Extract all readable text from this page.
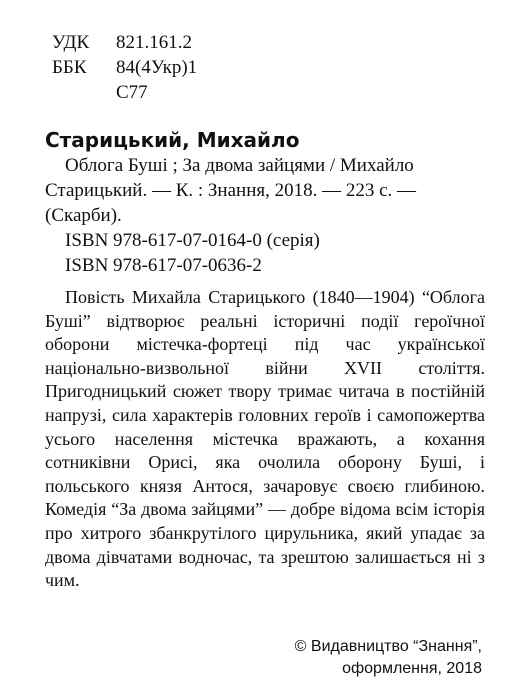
УДК	821.161.2
ББК	84(4Укр)1
С77
Старицький, Михайло

Облога Буші ; За двома зайцями / Михайло Старицький. — К. : Знання, 2018. — 223 с. — (Скарби).

ISBN 978-617-07-0164-0 (серія)
ISBN 978-617-07-0636-2

Повість Михайла Старицького (1840—1904) “Облога Буші” відтворює реальні історичні події героїчної оборони містечка-фортеці під час української національно-визвольної війни XVII століття. Пригодницький сюжет твору тримає читача в постійній напрузі, сила характерів головних героїв і самопожертва усього населення містечка вражають, а кохання сотниківни Орисі, яка очолила оборону Буші, і польського князя Антося, зачаровує своєю глибиною. Комедія “За двома зайцями” — добре відома всім історія про хитрого збанкрутілого цирульника, який упадає за двома дівчатами водночас, та зрештою залишається ні з чим.

© Видавництво “Знання”,
оформлення, 2018
